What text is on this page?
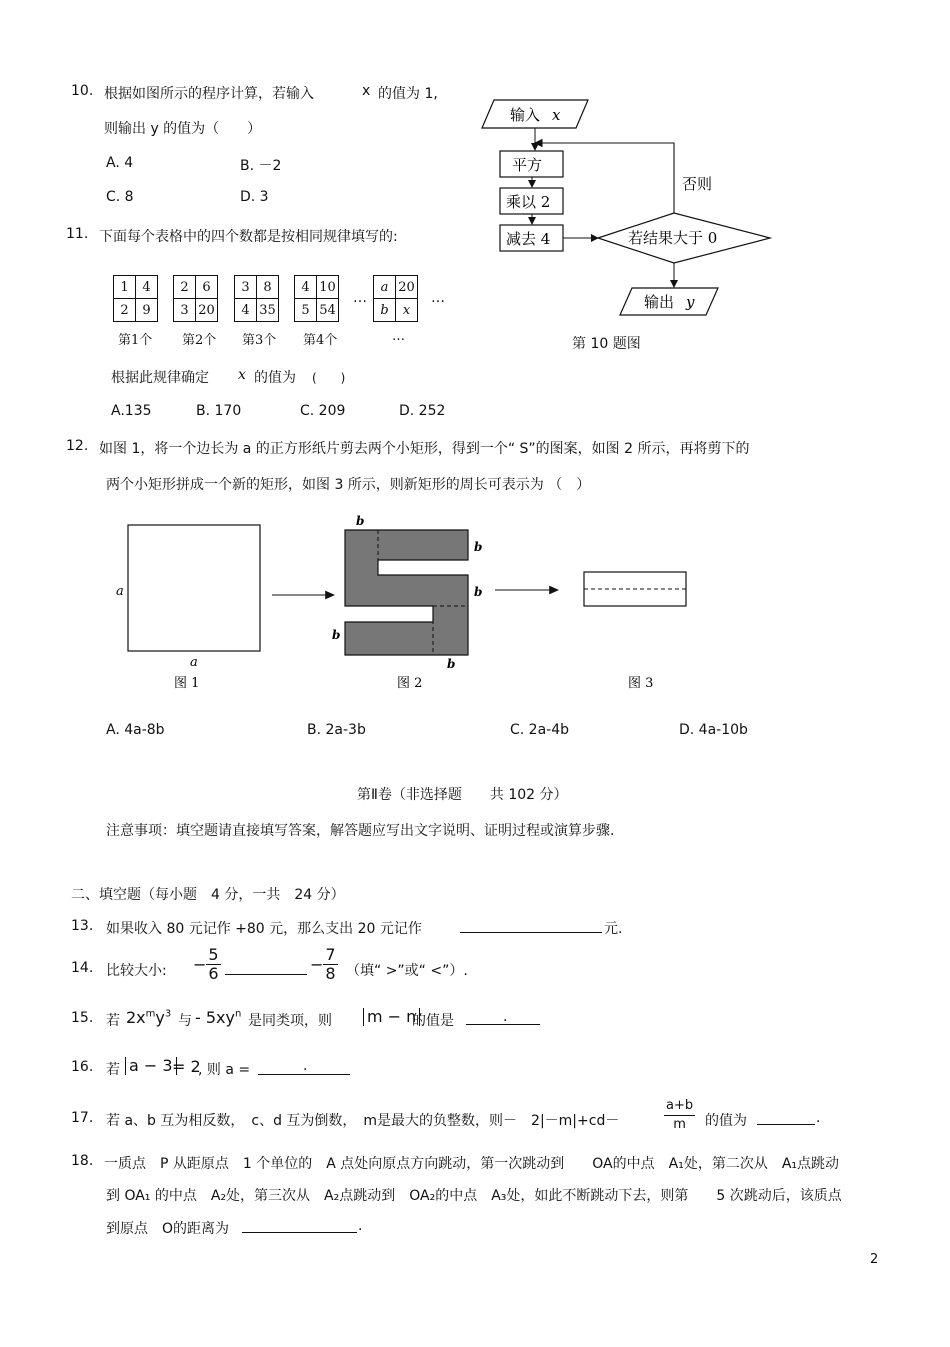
10. 根据如图所示的程序计算，若输入	x 的值为 1,
则输出 y 的值为（　　）
A. 4	B. －2
C. 8	D. 3
输入 x
平方
乘以 2
减去 4	若结果大于 0
否则
输出 y
第 10 题图
11. 下面每个表格中的四个数都是按相同规律填写的:
1	4
2	9
2	6
3	20
3	8
4	35
…
4	10
5	54
a	20
b	x
…
第1个 第2个 第3个 第4个	…
根据此规律确定 x 的值为 (　　)
A.135	B. 170	C. 209	D. 252
12. 如图 1，将一个边长为 a 的正方形纸片剪去两个小矩形，得到一个“ S”的图案，如图 2 所示，再将剪下的
两个小矩形拼成一个新的矩形，如图 3 所示，则新矩形的周长可表示为 （　）
a
a
图 1
b
b
b
b
b
图 2	图 3
A. 4a-8b	B. 2a-3b	C. 2a-4b	D. 4a-10b
第Ⅱ卷（非选择题　　共 102 分）
注意事项：填空题请直接填写答案，解答题应写出文字说明、证明过程或演算步骤.
二、填空题（每小题　4 分，一共　24 分）
13. 如果收入 80 元记作 +80 元，那么支出 20 元记作	元.
14. 比较大小: − $\frac{5}{6}$	− $\frac{7}{8}$ （填“ >”或“ <”）.
15. 若 $2x^my^3$ 与 - $5xy^n$ 是同类项，则 m − n
的值是	.
16. 若 a − 3 = 2
, 则 a =	.
17. 若 a、b 互为相反数，　c、d 互为倒数，　m是最大的负整数，则－　2|－m|+cd－	$\frac{a+b}{m}$ 的值为	.
18. 一质点　P 从距原点　1 个单位的　A 点处向原点方向跳动，第一次跳动到　　OA的中点　A₁处，第二次从　A₁点跳动
到 OA₁ 的中点　A₂处，第三次从　A₂点跳动到　OA₂的中点　A₃处，如此不断跳动下去，则第　　5 次跳动后，该质点
到原点　O的距离为	.
2
